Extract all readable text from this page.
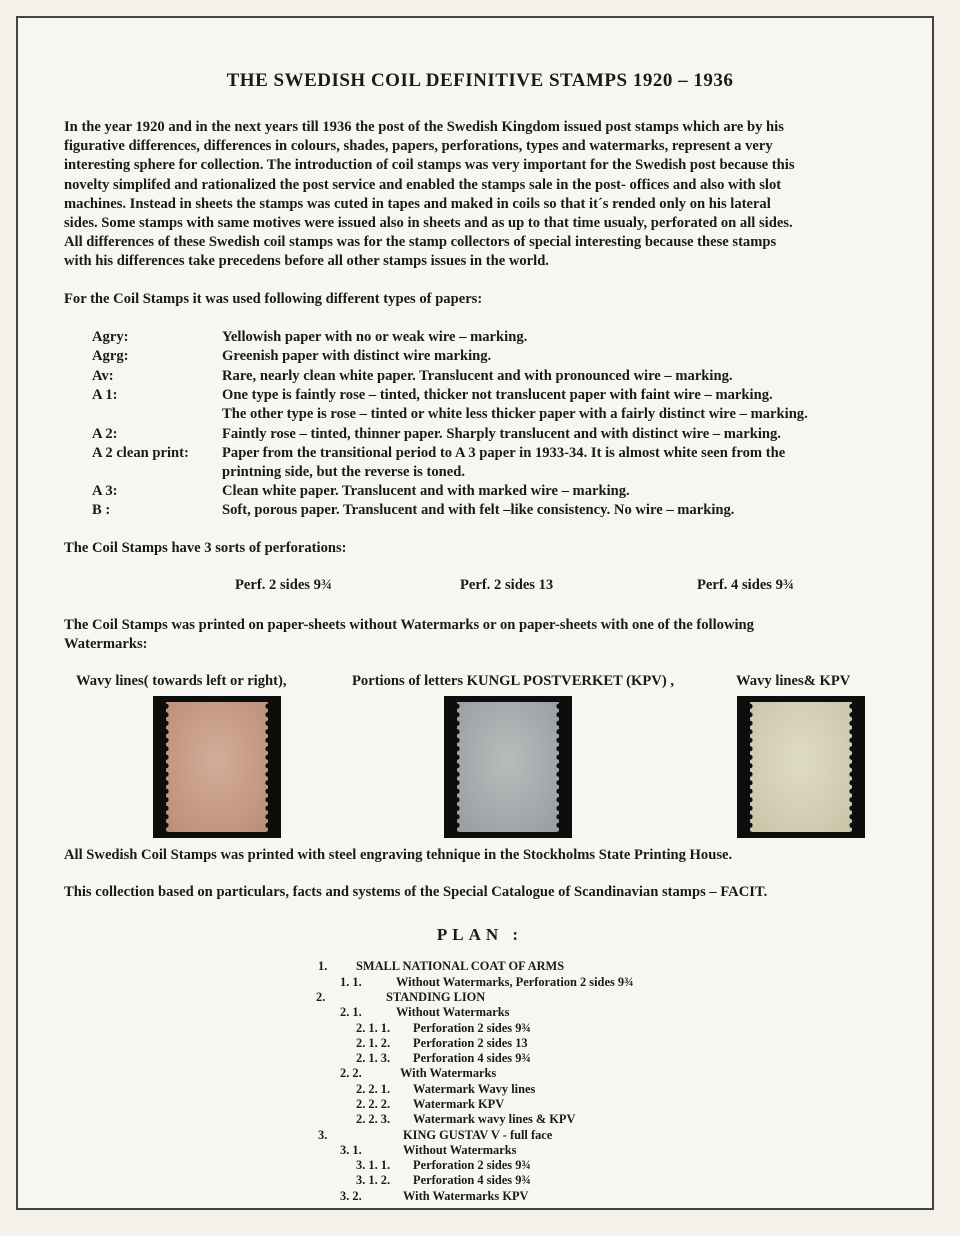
THE SWEDISH COIL DEFINITIVE STAMPS 1920 – 1936
In the year 1920 and in the next years till 1936 the post of the Swedish Kingdom issued post stamps which are by his
figurative differences, differences in colours, shades, papers, perforations, types and watermarks, represent a very
interesting sphere for collection. The introduction of coil stamps was very important for the Swedish post because this
novelty simplifed and rationalized the post service and enabled the stamps sale in the post- offices and also with slot
machines. Instead in sheets the stamps was cuted in tapes and maked in coils so that it´s rended only on his lateral
sides. Some stamps with same motives were issued also in sheets and as up to that time usualy, perforated on all sides.
All differences of these Swedish coil stamps was for the stamp collectors of special interesting because these stamps
with his differences take precedens before all other stamps issues in the world.
For the Coil Stamps it was used following different types of papers:
Agry:	Yellowish paper with no or weak wire – marking.
Agrg:	Greenish paper with distinct wire marking.
Av:	Rare, nearly clean white paper. Translucent and with pronounced wire – marking.
A 1:	One type is faintly rose – tinted, thicker not translucent paper with faint wire – marking.
The other type is rose – tinted or white less thicker paper with a fairly distinct wire – marking.
A 2:	Faintly rose – tinted, thinner paper. Sharply translucent and with distinct wire – marking.
A 2 clean print: Paper from the transitional period to A 3 paper in 1933-34. It is almost white seen from the
printning side, but the reverse is toned.
A 3:	Clean white paper. Translucent and with marked wire – marking.
B :	Soft, porous paper. Translucent and with felt –like consistency. No wire – marking.
The Coil Stamps have 3 sorts of perforations:
Perf. 2 sides 9¾	Perf. 2 sides 13	Perf. 4 sides 9¾
The Coil Stamps was printed on paper-sheets without Watermarks or on paper-sheets with one of the following
Watermarks:
Wavy lines( towards left or right),	Portions of letters KUNGL POSTVERKET (KPV) ,	Wavy lines& KPV
All Swedish Coil Stamps was printed with steel engraving tehnique in the Stockholms State Printing House.
This collection based on particulars, facts and systems of the Special Catalogue of Scandinavian stamps – FACIT.
PLAN :
1. SMALL NATIONAL COAT OF ARMS
1. 1.	Without Watermarks, Perforation 2 sides 9¾
2.	STANDING LION
2. 1.	Without Watermarks
2. 1. 1. Perforation 2 sides 9¾
2. 1. 2. Perforation 2 sides 13
2. 1. 3. Perforation 4 sides 9¾
2. 2.	With Watermarks
2. 2. 1. Watermark Wavy lines
2. 2. 2. Watermark KPV
2. 2. 3. Watermark wavy lines & KPV
3.	KING GUSTAV V - full face
3. 1.	Without Watermarks
3. 1. 1. Perforation 2 sides 9¾
3. 1. 2. Perforation 4 sides 9¾
3. 2.	With Watermarks KPV
